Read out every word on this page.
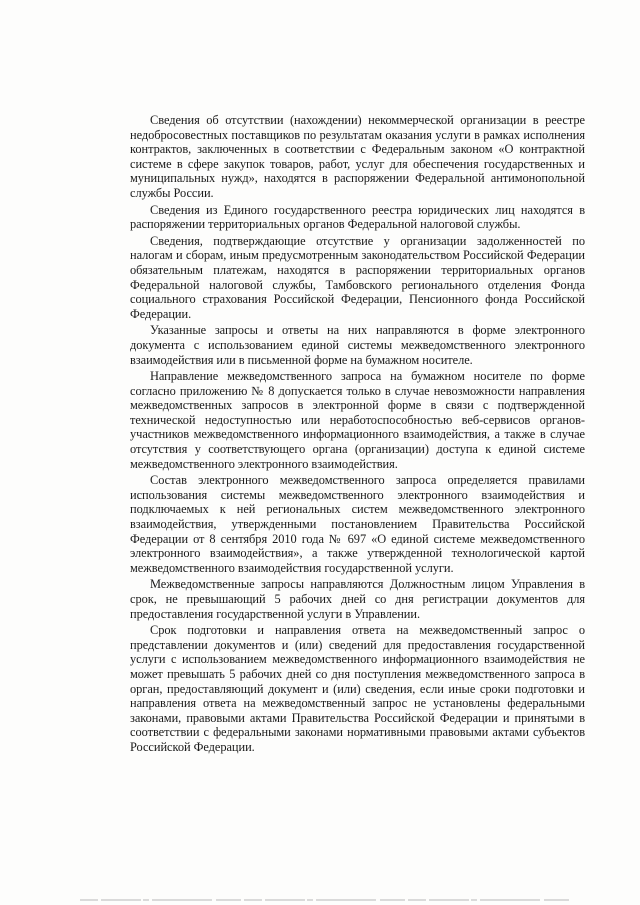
Сведения об отсутствии (нахождении) некоммерческой организации в реестре недобросовестных поставщиков по результатам оказания услуги в рамках исполнения контрактов, заключенных в соответствии с Федеральным законом «О контрактной системе в сфере закупок товаров, работ, услуг для обеспечения государственных и муниципальных нужд», находятся в распоряжении Федеральной антимонопольной службы России.

Сведения из Единого государственного реестра юридических лиц находятся в распоряжении территориальных органов Федеральной налоговой службы.

Сведения, подтверждающие отсутствие у организации задолженностей по налогам и сборам, иным предусмотренным законодательством Российской Федерации обязательным платежам, находятся в распоряжении территориальных органов Федеральной налоговой службы, Тамбовского регионального отделения Фонда социального страхования Российской Федерации, Пенсионного фонда Российской Федерации.

Указанные запросы и ответы на них направляются в форме электронного документа с использованием единой системы межведомственного электронного взаимодействия или в письменной форме на бумажном носителе.

Направление межведомственного запроса на бумажном носителе по форме согласно приложению № 8 допускается только в случае невозможности направления межведомственных запросов в электронной форме в связи с подтвержденной технической недоступностью или неработоспособностью веб-сервисов органов-участников межведомственного информационного взаимодействия, а также в случае отсутствия у соответствующего органа (организации) доступа к единой системе межведомственного электронного взаимодействия.

Состав электронного межведомственного запроса определяется правилами использования системы межведомственного электронного взаимодействия и подключаемых к ней региональных систем межведомственного электронного взаимодействия, утвержденными постановлением Правительства Российской Федерации от 8 сентября 2010 года № 697 «О единой системе межведомственного электронного взаимодействия», а также утвержденной технологической картой межведомственного взаимодействия государственной услуги.

Межведомственные запросы направляются Должностным лицом Управления в срок, не превышающий 5 рабочих дней со дня регистрации документов для предоставления государственной услуги в Управлении.

Срок подготовки и направления ответа на межведомственный запрос о представлении документов и (или) сведений для предоставления государственной услуги с использованием межведомственного информационного взаимодействия не может превышать 5 рабочих дней со дня поступления межведомственного запроса в орган, предоставляющий документ и (или) сведения, если иные сроки подготовки и направления ответа на межведомственный запрос не установлены федеральными законами, правовыми актами Правительства Российской Федерации и принятыми в соответствии с федеральными законами нормативными правовыми актами субъектов Российской Федерации.
